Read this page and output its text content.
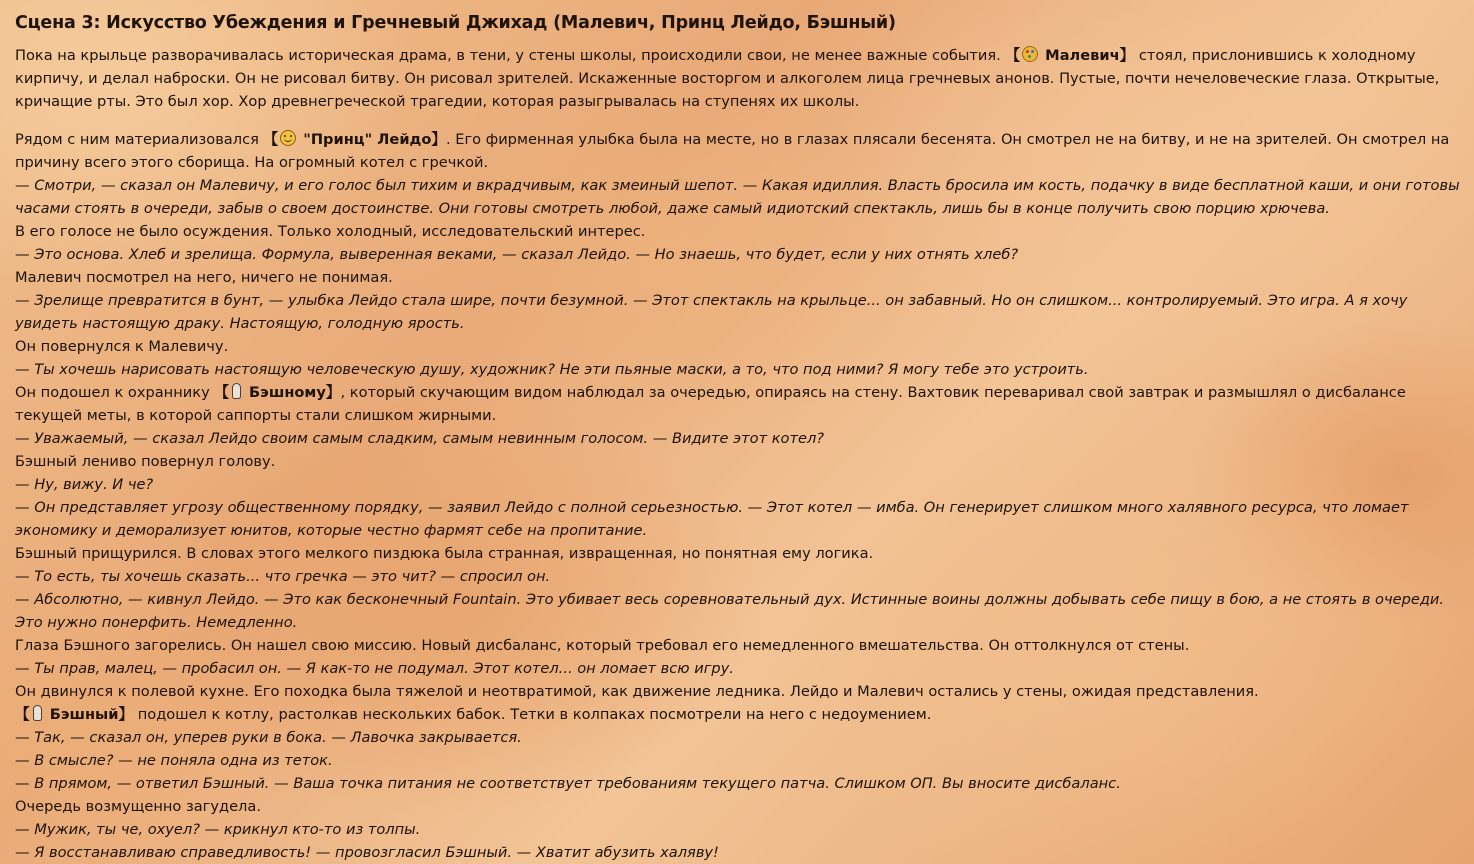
Сцена 3: Искусство Убеждения и Гречневый Джихад (Малевич, Принц Лейдо, Бэшный)

Пока на крыльце разворачивалась историческая драма, в тени, у стены школы, происходили свои, не менее важные события. 【 Малевич】 стоял, прислонившись к холодному кирпичу, и делал наброски. Он не рисовал битву. Он рисовал зрителей. Искаженные восторгом и алкоголем лица гречневых анонов. Пустые, почти нечеловеческие глаза. Открытые, кричащие рты. Это был хор. Хор древнегреческой трагедии, которая разыгрывалась на ступенях их школы.

Рядом с ним материализовался 【 "Принц" Лейдо】. Его фирменная улыбка была на месте, но в глазах плясали бесенята. Он смотрел не на битву, и не на зрителей. Он смотрел на причину всего этого сборища. На огромный котел с гречкой.

— Смотри, — сказал он Малевичу, и его голос был тихим и вкрадчивым, как змеиный шепот. — Какая идиллия. Власть бросила им кость, подачку в виде бесплатной каши, и они готовы часами стоять в очереди, забыв о своем достоинстве. Они готовы смотреть любой, даже самый идиотский спектакль, лишь бы в конце получить свою порцию хрючева.

В его голосе не было осуждения. Только холодный, исследовательский интерес.

— Это основа. Хлеб и зрелища. Формула, выверенная веками, — сказал Лейдо. — Но знаешь, что будет, если у них отнять хлеб?

Малевич посмотрел на него, ничего не понимая.

— Зрелище превратится в бунт, — улыбка Лейдо стала шире, почти безумной. — Этот спектакль на крыльце... он забавный. Но он слишком... контролируемый. Это игра. А я хочу увидеть настоящую драку. Настоящую, голодную ярость.

Он повернулся к Малевичу.

— Ты хочешь нарисовать настоящую человеческую душу, художник? Не эти пьяные маски, а то, что под ними? Я могу тебе это устроить.

Он подошел к охраннику 【 Бэшному】, который скучающим видом наблюдал за очередью, опираясь на стену. Вахтовик переваривал свой завтрак и размышлял о дисбалансе текущей меты, в которой саппорты стали слишком жирными.

— Уважаемый, — сказал Лейдо своим самым сладким, самым невинным голосом. — Видите этот котел?

Бэшный лениво повернул голову.

— Ну, вижу. И че?

— Он представляет угрозу общественному порядку, — заявил Лейдо с полной серьезностью. — Этот котел — имба. Он генерирует слишком много халявного ресурса, что ломает экономику и деморализует юнитов, которые честно фармят себе на пропитание.

Бэшный прищурился. В словах этого мелкого пиздюка была странная, извращенная, но понятная ему логика.

— То есть, ты хочешь сказать... что гречка — это чит? — спросил он.

— Абсолютно, — кивнул Лейдо. — Это как бесконечный Fountain. Это убивает весь соревновательный дух. Истинные воины должны добывать себе пищу в бою, а не стоять в очереди. Это нужно понерфить. Немедленно.

Глаза Бэшного загорелись. Он нашел свою миссию. Новый дисбаланс, который требовал его немедленного вмешательства. Он оттолкнулся от стены.

— Ты прав, малец, — пробасил он. — Я как-то не подумал. Этот котел... он ломает всю игру.

Он двинулся к полевой кухне. Его походка была тяжелой и неотвратимой, как движение ледника. Лейдо и Малевич остались у стены, ожидая представления.

【 Бэшный】 подошел к котлу, растолкав нескольких бабок. Тетки в колпаках посмотрели на него с недоумением.

— Так, — сказал он, уперев руки в бока. — Лавочка закрывается.

— В смысле? — не поняла одна из теток.

— В прямом, — ответил Бэшный. — Ваша точка питания не соответствует требованиям текущего патча. Слишком ОП. Вы вносите дисбаланс.

Очередь возмущенно загудела.

— Мужик, ты че, охуел? — крикнул кто-то из толпы.

— Я восстанавливаю справедливость! — провозгласил Бэшный. — Хватит абузить халяву!
